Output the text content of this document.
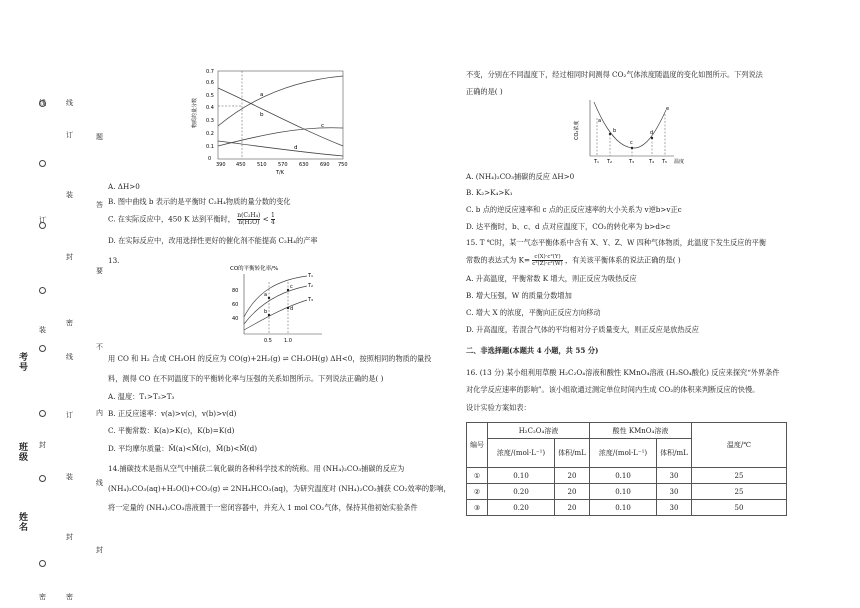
线
订
装
封
密
线
订
装
封
密
线
订
装
封
密
题
答
要
不
内
线
封
考号
班级
姓名
物质的量分数
0
0.1
0.2
0.3
0.4
0.5
0.6
0.7
390 450 510 570 630 690 750
T/K
a
b
c
d
A. ΔH>0
B. 图中曲线 b 表示的是平衡时 C₂H₄物质的量分数的变化
C. 在实际反应中，450 K 达到平衡时， $\frac{\text{n(C₂H₄)}}{\text{n(H₂O)}} < \frac{1}{4}$
D. 在实际反应中，改用选择性更好的催化剂不能提高 C₂H₄的产率
13.
CO的平衡转化率/%
40
60
80
0.5 1.0
T₁
T₂
T₃
a
b
c
d
用 CO 和 H₂ 合成 CH₃OH 的反应为 CO(g)+2H₂(g) ⇌ CH₃OH(g) ΔH<0，按照相同的物质的量投
料，测得 CO 在不同温度下的平衡转化率与压强的关系如图所示。下列说法正确的是( )
A. 温度：T₁>T₂>T₃
B. 正反应速率：v(a)>v(c)，v(b)>v(d)
C. 平衡常数：K(a)>K(c)，K(b)=K(d)
D. 平均摩尔质量：M̄(a)<M̄(c)，M̄(b)<M̄(d)
14.捕碳技术是指从空气中捕获二氧化碳的各种科学技术的统称。用 (NH₄)₂CO₃捕碳的反应为
(NH₄)₂CO₃(aq)+H₂O(l)+CO₂(g) ⇌ 2NH₄HCO₃(aq)，为研究温度对 (NH₄)₂CO₃捕获 CO₂效率的影响，
将一定量的 (NH₄)₂CO₃溶液置于一密闭容器中，并充入 1 mol CO₂气体，保持其他初始实验条件
不变，分别在不同温度下，经过相同时间测得 CO₂气体浓度随温度的变化如图所示。下列说法
正确的是( )
CO₂浓度	a
b
c
d
e
T₁ T₂	T₃	T₄ T₅ 温度
A. (NH₄)₂CO₃捕碳的反应 ΔH>0
B. K₂>K₄>K₁
C. b 点的逆反应速率和 c 点的正反应速率的大小关系为 v逆b>v正c
D. 达平衡时，b、c、d 点对应温度下，CO₂的转化率为 b>d>c
15. T ℃时，某一气态平衡体系中含有 X、Y、Z、W 四种气体物质，此温度下发生反应的平衡
常数的表达式为 $K= \frac{\text{c(X)·c²(Y)}}{\text{c²(Z)·c²(W)}}$ ，有关该平衡体系的说法正确的是( )
A. 升高温度，平衡常数 K 增大，则正反应为吸热反应
B. 增大压强，W 的质量分数增加
C. 增大 X 的浓度，平衡向正反应方向移动
D. 升高温度，若混合气体的平均相对分子质量变大，则正反应是放热反应
二、非选择题(本题共 4 小题，共 55 分)
16. (13 分) 某小组利用草酸 H₂C₂O₄溶液和酸性 KMnO₄溶液 (H₂SO₄酸化) 反应来探究“外界条件
对化学反应速率的影响”。该小组欲通过测定单位时间内生成 CO₂的体积来判断反应的快慢。
设计实验方案如表：
编号	H₂C₂O₄溶液		酸性 KMnO₄溶液		温度/℃
	浓度/(mol·L⁻¹)	体积/mL	浓度/(mol·L⁻¹)	体积/mL	
①	0.10	20	0.10	30	25
②	0.20	20	0.10	30	25
③	0.20	20	0.10	30	50
